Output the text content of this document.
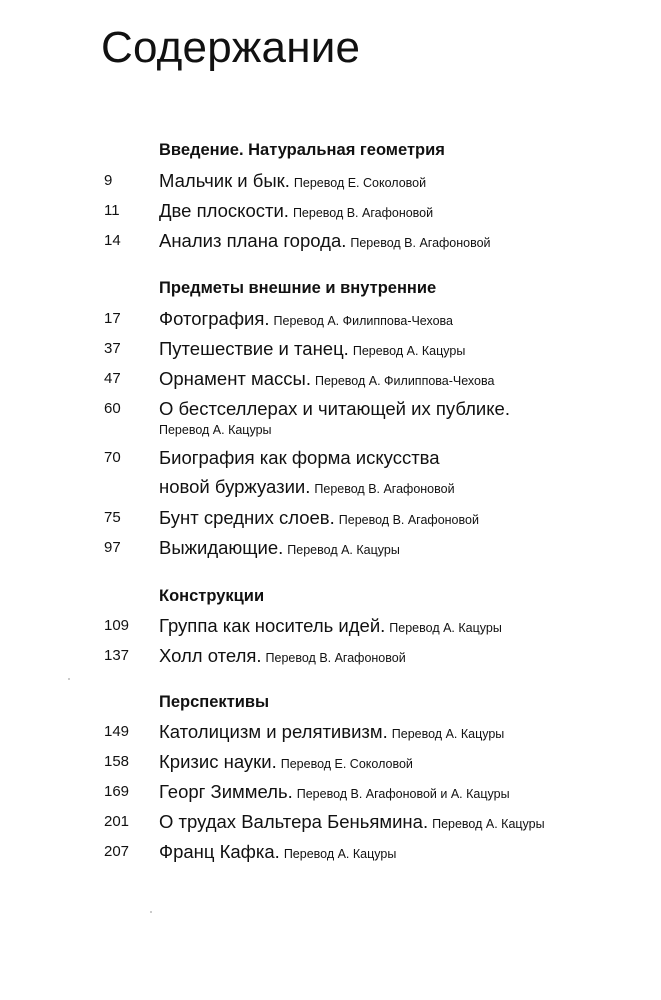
Содержание
Введение. Натуральная геометрия
9	Мальчик и бык. Перевод Е. Соколовой
11 Две плоскости. Перевод В. Агафоновой
14 Анализ плана города. Перевод В. Агафоновой
Предметы внешние и внутренние
17 Фотография. Перевод А. Филиппова-Чехова
37 Путешествие и танец. Перевод А. Кацуры
47 Орнамент массы. Перевод А. Филиппова-Чехова
60 О бестселлерах и читающей их публике.
Перевод А. Кацуры
70 Биография как форма искусства
новой буржуазии. Перевод В. Агафоновой
75 Бунт средних слоев. Перевод В. Агафоновой
97 Выжидающие. Перевод А. Кацуры
Конструкции
109 Группа как носитель идей. Перевод А. Кацуры
137 Холл отеля. Перевод В. Агафоновой
Перспективы
149 Католицизм и релятивизм. Перевод А. Кацуры
158 Кризис науки. Перевод Е. Соколовой
169 Георг Зиммель. Перевод В. Агафоновой и А. Кацуры
201 О трудах Вальтера Беньямина. Перевод А. Кацуры
207 Франц Кафка. Перевод А. Кацуры
